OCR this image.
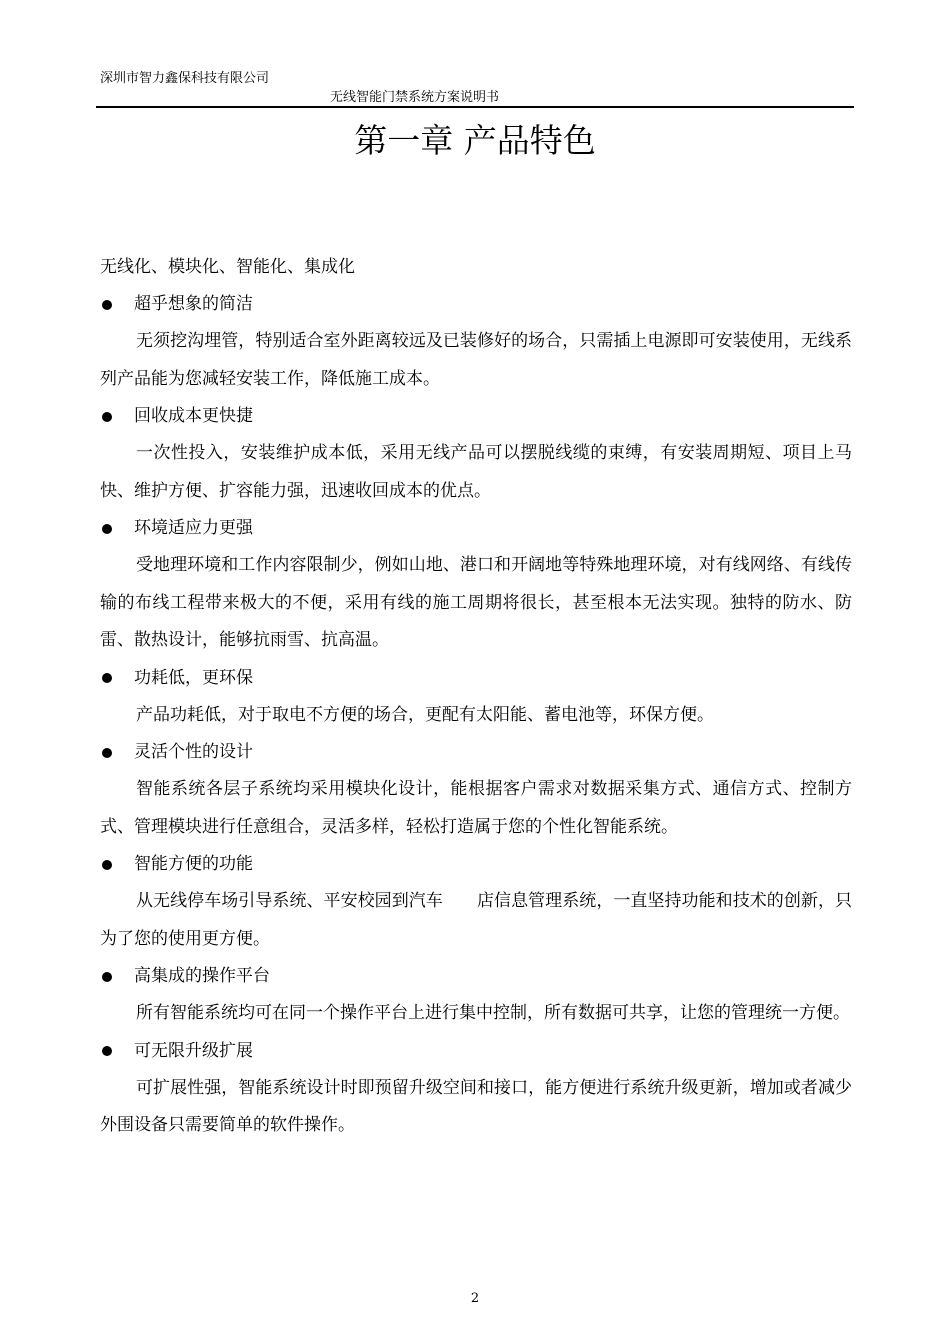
深圳市智力鑫保科技有限公司
无线智能门禁系统方案说明书
第一章 产品特色

无线化、模块化、智能化、集成化

超乎想象的简洁

无须挖沟埋管，特别适合室外距离较远及已装修好的场合，只需插上电源即可安装使用，无线系列产品能为您减轻安装工作，降低施工成本。

回收成本更快捷

一次性投入，安装维护成本低，采用无线产品可以摆脱线缆的束缚，有安装周期短、项目上马快、维护方便、扩容能力强，迅速收回成本的优点。

环境适应力更强

受地理环境和工作内容限制少，例如山地、港口和开阔地等特殊地理环境，对有线网络、有线传输的布线工程带来极大的不便，采用有线的施工周期将很长，甚至根本无法实现。独特的防水、防雷、散热设计，能够抗雨雪、抗高温。

功耗低，更环保

产品功耗低，对于取电不方便的场合，更配有太阳能、蓄电池等，环保方便。

灵活个性的设计

智能系统各层子系统均采用模块化设计，能根据客户需求对数据采集方式、通信方式、控制方式、管理模块进行任意组合，灵活多样，轻松打造属于您的个性化智能系统。

智能方便的功能

从无线停车场引导系统、平安校园到汽车　　店信息管理系统，一直坚持功能和技术的创新，只为了您的使用更方便。

高集成的操作平台

所有智能系统均可在同一个操作平台上进行集中控制，所有数据可共享，让您的管理统一方便。

可无限升级扩展

可扩展性强，智能系统设计时即预留升级空间和接口，能方便进行系统升级更新，增加或者减少外围设备只需要简单的软件操作。

2
